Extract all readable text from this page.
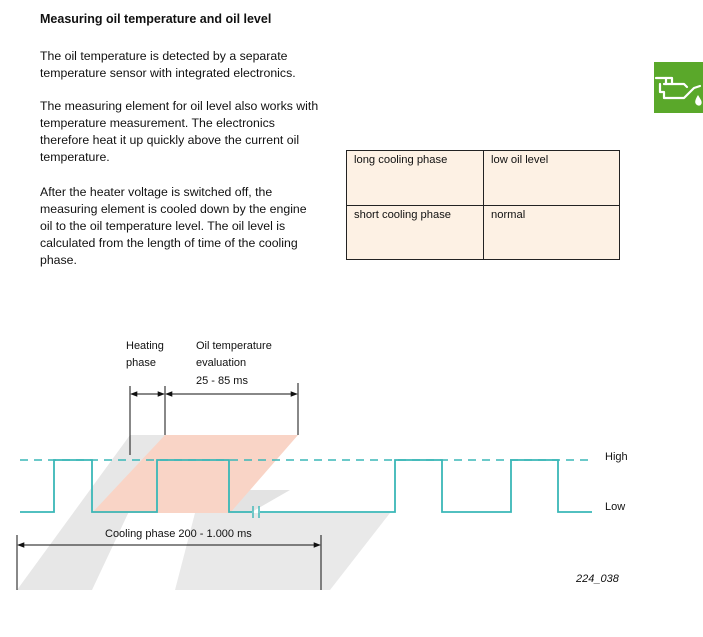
Measuring oil temperature and oil level

The oil temperature is detected by a separate temperature sensor with integrated electronics.

The measuring element for oil level also works with temperature measurement. The electronics therefore heat it up quickly above the current oil temperature.

After the heater voltage is switched off, the measuring element is cooled down by the engine oil to the oil temperature level. The oil level is calculated from the length of time of the cooling phase.

long cooling phase	low oil level
short cooling phase	normal
Heating
phase
Oil temperature
evaluation
25 - 85 ms
High
Low
Cooling phase 200 - 1.000 ms
224_038
